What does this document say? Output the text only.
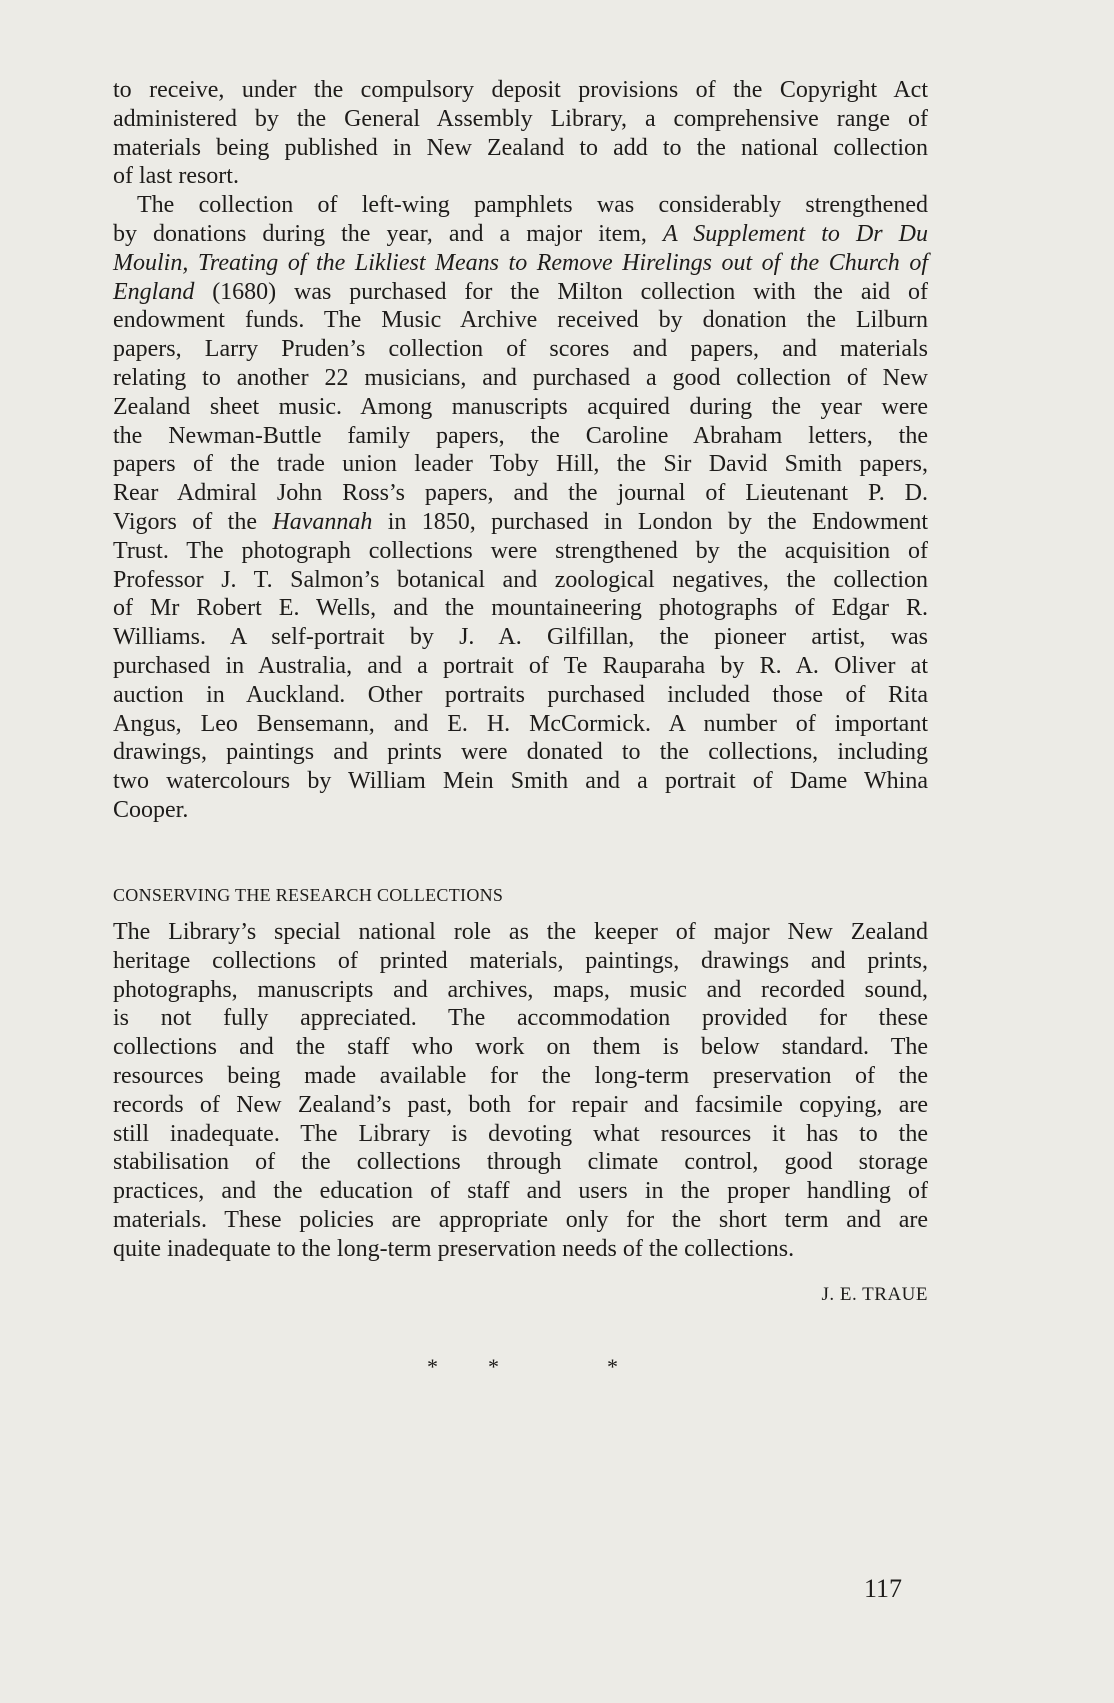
to receive, under the compulsory deposit provisions of the Copyright Act
administered by the General Assembly Library, a comprehensive range of
materials being published in New Zealand to add to the national collection
of last resort.
The collection of left-wing pamphlets was considerably strengthened
by donations during the year, and a major item, A Supplement to Dr Du
Moulin, Treating of the Likliest Means to Remove Hirelings out of the Church of
England (1680) was purchased for the Milton collection with the aid of
endowment funds. The Music Archive received by donation the Lilburn
papers, Larry Pruden’s collection of scores and papers, and materials
relating to another 22 musicians, and purchased a good collection of New
Zealand sheet music. Among manuscripts acquired during the year were
the Newman-Buttle family papers, the Caroline Abraham letters, the
papers of the trade union leader Toby Hill, the Sir David Smith papers,
Rear Admiral John Ross’s papers, and the journal of Lieutenant P. D.
Vigors of the Havannah in 1850, purchased in London by the Endowment
Trust. The photograph collections were strengthened by the acquisition of
Professor J. T. Salmon’s botanical and zoological negatives, the collection
of Mr Robert E. Wells, and the mountaineering photographs of Edgar R.
Williams. A self-portrait by J. A. Gilfillan, the pioneer artist, was
purchased in Australia, and a portrait of Te Rauparaha by R. A. Oliver at
auction in Auckland. Other portraits purchased included those of Rita
Angus, Leo Bensemann, and E. H. McCormick. A number of important
drawings, paintings and prints were donated to the collections, including
two watercolours by William Mein Smith and a portrait of Dame Whina
Cooper.
CONSERVING THE RESEARCH COLLECTIONS
The Library’s special national role as the keeper of major New Zealand
heritage collections of printed materials, paintings, drawings and prints,
photographs, manuscripts and archives, maps, music and recorded sound,
is not fully appreciated. The accommodation provided for these
collections and the staff who work on them is below standard. The
resources being made available for the long-term preservation of the
records of New Zealand’s past, both for repair and facsimile copying, are
still inadequate. The Library is devoting what resources it has to the
stabilisation of the collections through climate control, good storage
practices, and the education of staff and users in the proper handling of
materials. These policies are appropriate only for the short term and are
quite inadequate to the long-term preservation needs of the collections.
J. E. TRAUE
* *	*
117
